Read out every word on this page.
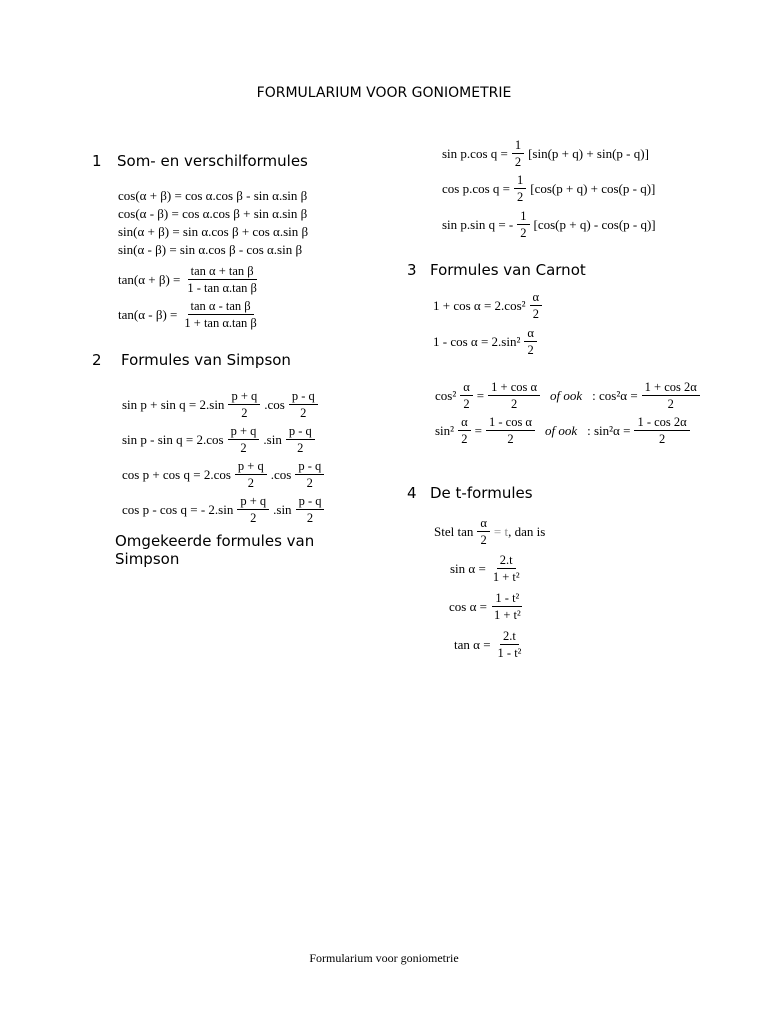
FORMULARIUM VOOR GONIOMETRIE
1 Som- en verschilformules
cos(α + β) = cos α.cos β - sin α.sin β
cos(α - β) = cos α.cos β + sin α.sin β
sin(α + β) = sin α.cos β + cos α.sin β
sin(α - β) = sin α.cos β - cos α.sin β
$\tan(\alpha + \beta) = \frac{\text{tan α + tan β}}{\text{1 - tan α.tan β}}$
$\tan(\alpha - \beta) = \frac{\text{tan α - tan β}}{\text{1 + tan α.tan β}}$
2 Formules van Simpson
$\sin p + \sin q = 2.\sin \frac{p + q}{2} .\cos \frac{p - q}{2}$
$\sin p - \sin q = 2.\cos \frac{p + q}{2} .\sin \frac{p - q}{2}$
$\cos p + \cos q = 2.\cos \frac{p + q}{2} .\cos \frac{p - q}{2}$
cos p - cos q = - $2.\sin \frac{p + q}{2} .\sin \frac{p - q}{2}$
Omgekeerde formules van Simpson
sin p.cos $q = \frac{1}{2} [\sin(p + q) + \sin(p - q)]$
cos p.cos $q = \frac{1}{2} [\cos(p + q) + \cos(p - q)]$
sin p.sin q = - $\frac{1}{2} [\cos(p + q) - \cos(p - q)]$
3 Formules van Carnot
$1 + \cos \alpha = 2.\cos^2 \frac{\alpha}{2}$
$1 - \cos \alpha = 2.\sin^2 \frac{\alpha}{2}$
$\cos^2 \frac{\alpha}{2} = \frac{\text{1 + cos α}}{2}$ of ook : $\cos^2\alpha = \frac{1 + \cos 2\alpha}{2}$
$\sin^2 \frac{\alpha}{2} = \frac{\text{1 - cos α}}{2}$ of ook : $\sin^2\alpha = \frac{1 - \cos 2\alpha}{2}$
4 De t-formules
Stel $\tan \frac{\alpha}{2} = t$ , dan is
$\sin \alpha = \frac{2.t}{\text{1 + t²}}$
$\cos \alpha = \frac{\text{1 - t²}}{\text{1 + t²}}$
$\tan \alpha = \frac{2.t}{\text{1 - t²}}$
Formularium voor goniometrie
